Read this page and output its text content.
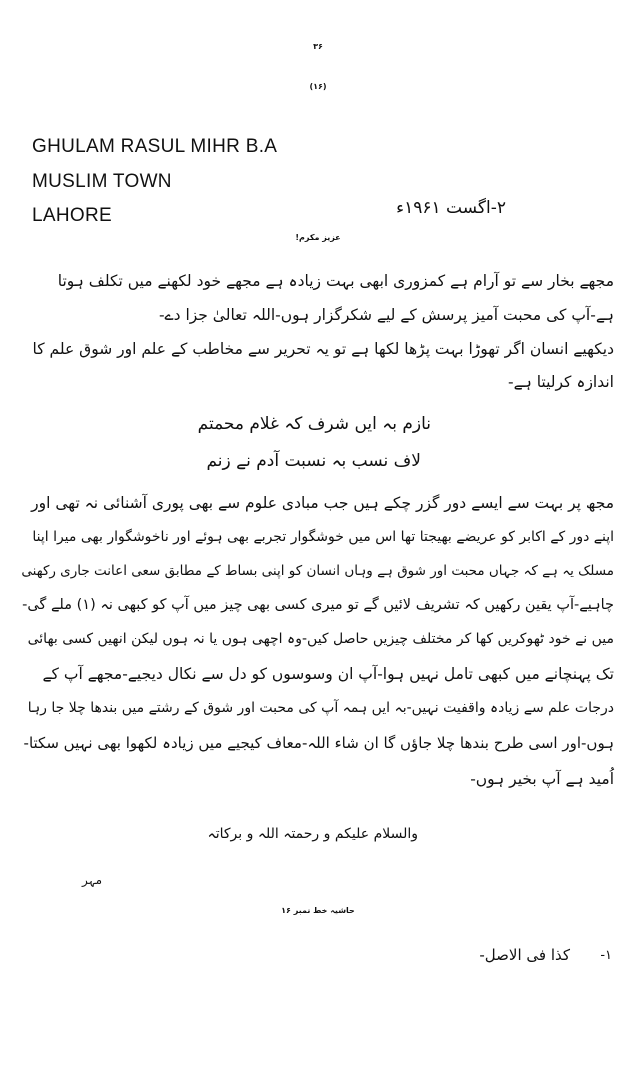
۳۶
(۱۶)
GHULAM RASUL MIHR B.A
MUSLIM TOWN
LAHORE	۲-اگست ۱۹۶۱ء
عزیز مکرم!
مجھے بخار سے تو آرام ہے کمزوری ابھی بہت زیادہ ہے مجھے خود لکھنے میں تکلف ہوتا
ہے-آپ کی محبت آمیز پرسش کے لیے شکرگزار ہوں-اللہ تعالیٰ جزا دے-
دیکھیے انسان اگر تھوڑا بہت پڑھا لکھا ہے تو یہ تحریر سے مخاطب کے علم اور شوق علم کا
اندازہ کرلیتا ہے-
نازم بہ ایں شرف کہ غلام محمتم
لاف نسب بہ نسبت آدم نے زنم
مجھ پر بہت سے ایسے دور گزر چکے ہیں جب مبادی علوم سے بھی پوری آشنائی نہ تھی اور
اپنے دور کے اکابر کو عریضے بھیجتا تھا اس میں خوشگوار تجربے بھی ہوئے اور ناخوشگوار بھی میرا اپنا
مسلک یہ ہے کہ جہاں محبت اور شوق ہے وہاں انسان کو اپنی بساط کے مطابق سعی اعانت جاری رکھنی
چاہیے-آپ یقین رکھیں کہ تشریف لائیں گے تو میری کسی بھی چیز میں آپ کو کبھی نہ (۱) ملے گی-
میں نے خود ٹھوکریں کھا کر مختلف چیزیں حاصل کیں-وہ اچھی ہوں یا نہ ہوں لیکن انھیں کسی بھائی
تک پہنچانے میں کبھی تامل نہیں ہوا-آپ ان وسوسوں کو دل سے نکال دیجیے-مجھے آپ کے
درجات علم سے زیادہ واقفیت نہیں-بہ ایں ہمہ آپ کی محبت اور شوق کے رشتے میں بندھا چلا جا رہا
ہوں-اور اسی طرح بندھا چلا جاؤں گا ان شاء اللہ-معاف کیجیے میں زیادہ لکھوا بھی نہیں سکتا-
اُمید ہے آپ بخیر ہوں-
والسلام علیکم و رحمتہ اللہ و برکاتہ
مہر
حاشیہ خط نمبر ۱۶
۱-
کذا فی الاصل-
